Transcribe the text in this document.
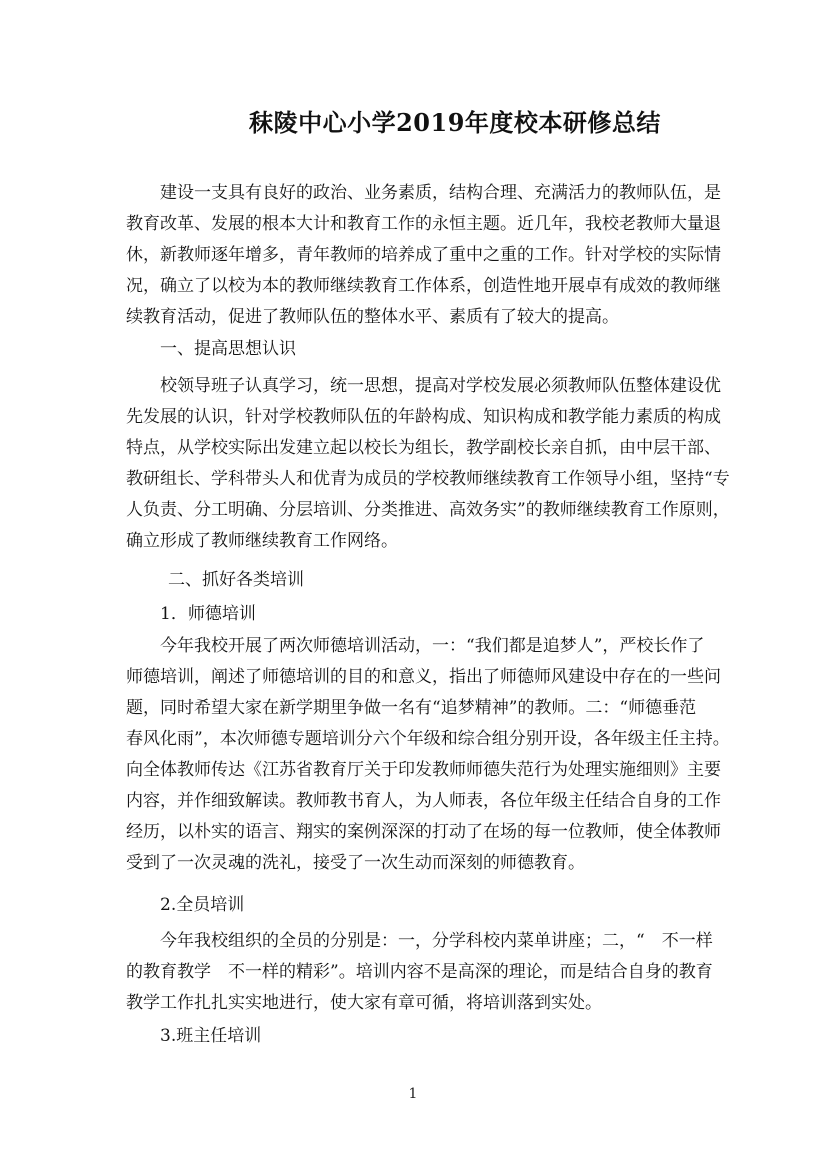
秣陵中心小学2019年度校本研修总结
建设一支具有良好的政治、业务素质，结构合理、充满活力的教师队伍，是
教育改革、发展的根本大计和教育工作的永恒主题。近几年，我校老教师大量退
休，新教师逐年增多，青年教师的培养成了重中之重的工作。针对学校的实际情
况，确立了以校为本的教师继续教育工作体系，创造性地开展卓有成效的教师继
续教育活动，促进了教师队伍的整体水平、素质有了较大的提高。
一、提高思想认识
校领导班子认真学习，统一思想，提高对学校发展必须教师队伍整体建设优
先发展的认识，针对学校教师队伍的年龄构成、知识构成和教学能力素质的构成
特点，从学校实际出发建立起以校长为组长，教学副校长亲自抓，由中层干部、
教研组长、学科带头人和优青为成员的学校教师继续教育工作领导小组，坚持“专
人负责、分工明确、分层培训、分类推进、高效务实”的教师继续教育工作原则，
确立形成了教师继续教育工作网络。
二、抓好各类培训
1．师德培训
今年我校开展了两次师德培训活动，一：“我们都是追梦人”，严校长作了
师德培训，阐述了师德培训的目的和意义，指出了师德师风建设中存在的一些问
题，同时希望大家在新学期里争做一名有“追梦精神”的教师。二：“师德垂范
春风化雨”，本次师德专题培训分六个年级和综合组分别开设，各年级主任主持。
向全体教师传达《江苏省教育厅关于印发教师师德失范行为处理实施细则》主要
内容，并作细致解读。教师教书育人，为人师表，各位年级主任结合自身的工作
经历，以朴实的语言、翔实的案例深深的打动了在场的每一位教师，使全体教师
受到了一次灵魂的洗礼，接受了一次生动而深刻的师德教育。
2.全员培训
今年我校组织的全员的分别是：一，分学科校内菜单讲座；二，“　不一样
的教育教学　不一样的精彩”。培训内容不是高深的理论，而是结合自身的教育
教学工作扎扎实实地进行，使大家有章可循，将培训落到实处。
3.班主任培训
1
